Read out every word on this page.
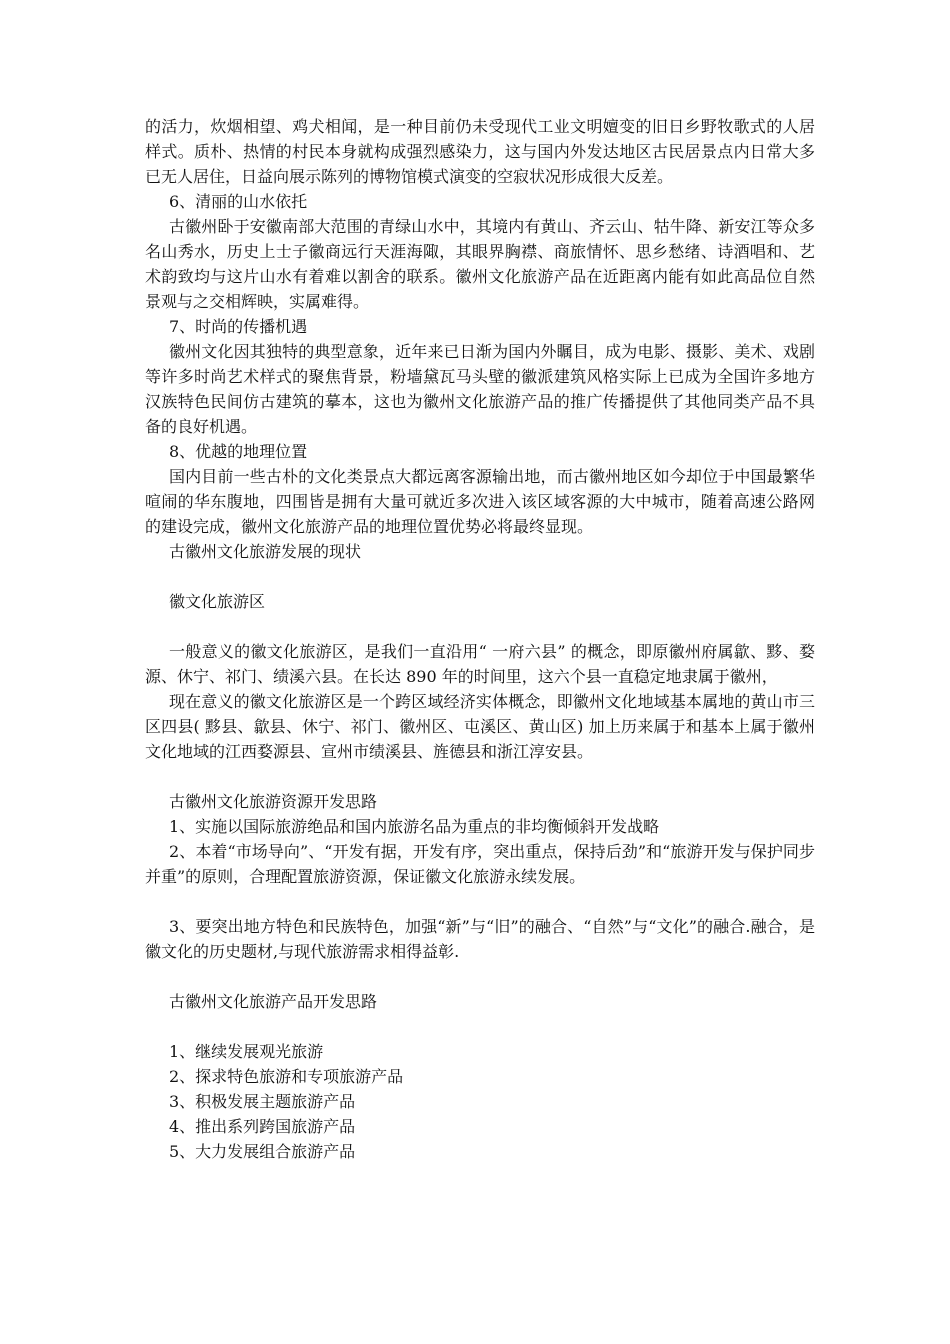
的活力，炊烟相望、鸡犬相闻，是一种目前仍未受现代工业文明嬗变的旧日乡野牧歌式的人居样式。质朴、热情的村民本身就构成强烈感染力，这与国内外发达地区古民居景点内日常大多已无人居住，日益向展示陈列的博物馆模式演变的空寂状况形成很大反差。
6、清丽的山水依托
古徽州卧于安徽南部大范围的青绿山水中，其境内有黄山、齐云山、牯牛降、新安江等众多名山秀水，历史上士子徽商远行天涯海陬，其眼界胸襟、商旅情怀、思乡愁绪、诗酒唱和、艺术韵致均与这片山水有着难以割舍的联系。徽州文化旅游产品在近距离内能有如此高品位自然景观与之交相辉映，实属难得。
7、时尚的传播机遇
徽州文化因其独特的典型意象，近年来已日渐为国内外瞩目，成为电影、摄影、美术、戏剧等许多时尚艺术样式的聚焦背景，粉墙黛瓦马头壁的徽派建筑风格实际上已成为全国许多地方汉族特色民间仿古建筑的摹本，这也为徽州文化旅游产品的推广传播提供了其他同类产品不具备的良好机遇。
8、优越的地理位置
国内目前一些古朴的文化类景点大都远离客源输出地，而古徽州地区如今却位于中国最繁华喧闹的华东腹地，四围皆是拥有大量可就近多次进入该区域客源的大中城市，随着高速公路网的建设完成，徽州文化旅游产品的地理位置优势必将最终显现。
古徽州文化旅游发展的现状
徽文化旅游区
一般意义的徽文化旅游区，是我们一直沿用“ 一府六县” 的概念，即原徽州府属歙、黟、婺源、休宁、祁门、绩溪六县。在长达 890 年的时间里，这六个县一直稳定地隶属于徽州，
现在意义的徽文化旅游区是一个跨区域经济实体概念，即徽州文化地域基本属地的黄山市三区四县( 黟县、歙县、休宁、祁门、徽州区、屯溪区、黄山区) 加上历来属于和基本上属于徽州文化地域的江西婺源县、宣州市绩溪县、旌德县和浙江淳安县。
古徽州文化旅游资源开发思路
1、实施以国际旅游绝品和国内旅游名品为重点的非均衡倾斜开发战略
2、本着“市场导向”、“开发有据，开发有序，突出重点，保持后劲”和“旅游开发与保护同步并重”的原则，合理配置旅游资源，保证徽文化旅游永续发展。
3、要突出地方特色和民族特色，加强“新”与“旧”的融合、“自然”与“文化”的融合.融合，是徽文化的历史题材,与现代旅游需求相得益彰.
古徽州文化旅游产品开发思路
1、继续发展观光旅游
2、探求特色旅游和专项旅游产品
3、积极发展主题旅游产品
4、推出系列跨国旅游产品
5、大力发展组合旅游产品
